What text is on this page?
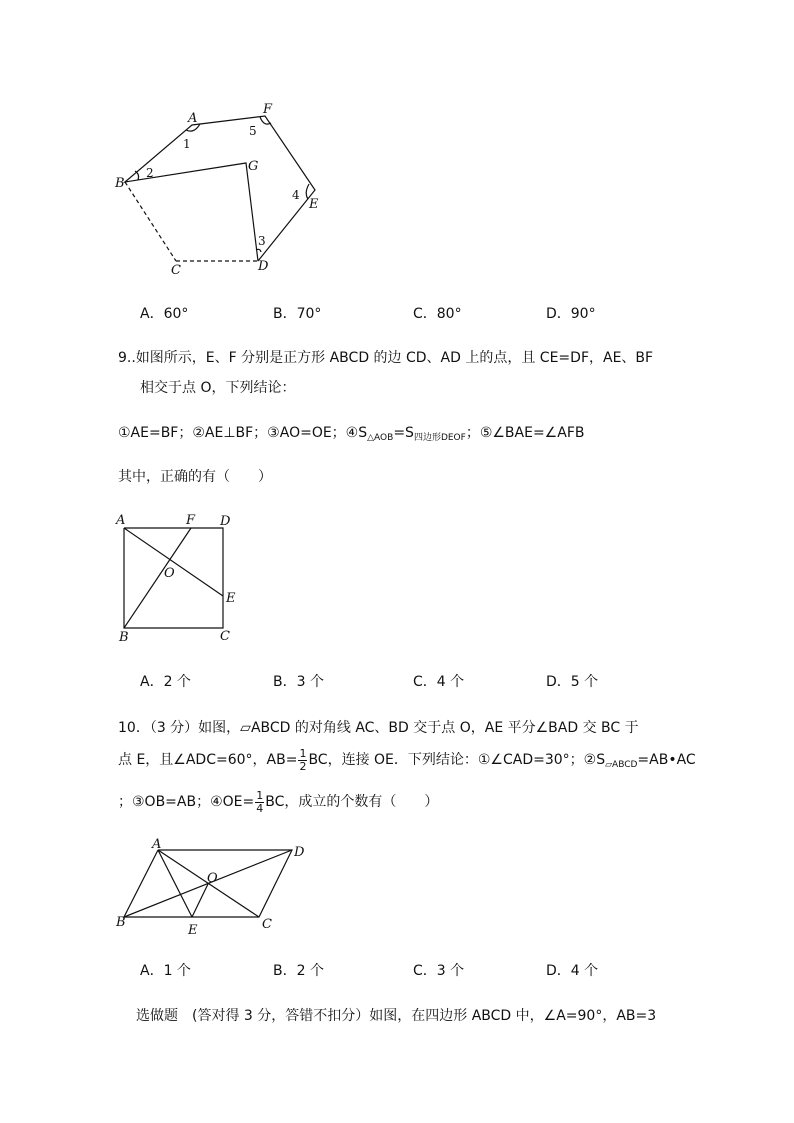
A
F
B
G
E
C	D
1
2
3
4
5
A．60°	B．70°	C．80°	D．90°
9.‌.如图所示，E、F 分别是正方形 ABCD 的边 CD、AD 上的点，且 CE=DF，AE、BF
相交于点 O，下列结论：
①AE=BF；②AE⊥BF；③AO=OE；$④S_{\triangle AOB}=S_{四边形DEOF}$；⑤∠BAE=∠AFB
其中，正确的有（　　）
A	F D
O
E
B	C
A．2 个	B．3 个	C．4 个	D．5 个
10．（3 分）如图，▱ABCD 的对角线 AC、BD 交于点 O，AE 平分∠BAD 交 BC 于
点 E，且∠ADC=60°，$AB= \frac{1}{2}$ BC，连接 OE．下列结论：①∠CAD=30°；$②S_{▱ABCD}=AB•AC$
；③OB=AB；④OE= $\frac{1}{4}$ BC，成立的个数有（　　）
A
D
O
B
E	C
A．1 个	B．2 个	C．3 个	D．4 个
选做题　(答对得 3 分，答错不扣分）如图，在四边形 ABCD 中，∠A=90°，AB=3
